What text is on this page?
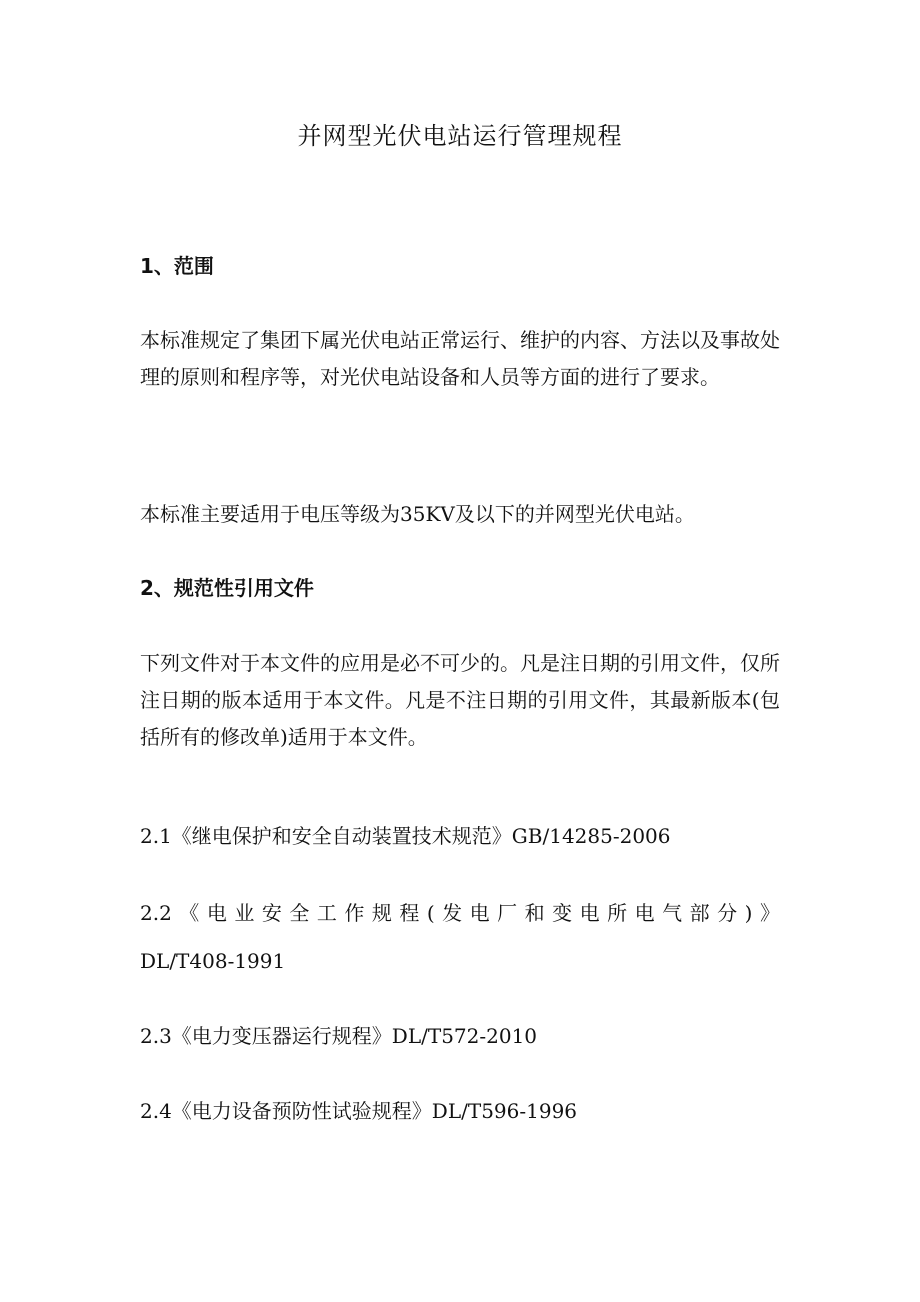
并网型光伏电站运行管理规程
1、范围
本标准规定了集团下属光伏电站正常运行、维护的内容、方法以及事故处理的原则和程序等，对光伏电站设备和人员等方面的进行了要求。
本标准主要适用于电压等级为35KV及以下的并网型光伏电站。
2、规范性引用文件
下列文件对于本文件的应用是必不可少的。凡是注日期的引用文件，仅所注日期的版本适用于本文件。凡是不注日期的引用文件，其最新版本(包括所有的修改单)适用于本文件。
2.1《继电保护和安全自动装置技术规范》GB/14285-2006
2.2《电业安全工作规程(发电厂和变电所电气部分)》
DL/T408-1991
2.3《电力变压器运行规程》DL/T572-2010
2.4《电力设备预防性试验规程》DL/T596-1996
